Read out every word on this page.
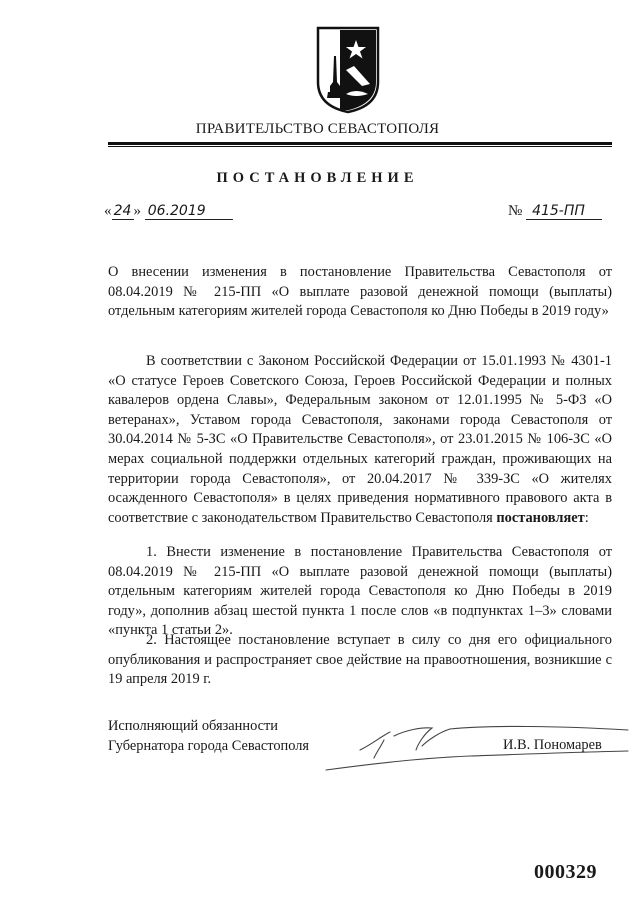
ПРАВИТЕЛЬСТВО СЕВАСТОПОЛЯ
ПОСТАНОВЛЕНИЕ
« 24 » 06.2019	№ 415-ПП
О внесении изменения в постановление Правительства Севастополя от 08.04.2019 № 215-ПП «О выплате разовой денежной помощи (выплаты) отдельным категориям жителей города Севастополя ко Дню Победы в 2019 году»
В соответствии с Законом Российской Федерации от 15.01.1993 № 4301-1 «О статусе Героев Советского Союза, Героев Российской Федерации и полных кавалеров ордена Славы», Федеральным законом от 12.01.1995 № 5-ФЗ «О ветеранах», Уставом города Севастополя, законами города Севастополя от 30.04.2014 № 5-ЗС «О Правительстве Севастополя», от 23.01.2015 № 106-ЗС «О мерах социальной поддержки отдельных категорий граждан, проживающих на территории города Севастополя», от 20.04.2017 № 339-ЗС «О жителях осажденного Севастополя» в целях приведения нормативного правового акта в соответствие с законодательством Правительство Севастополя постановляет:
1. Внести изменение в постановление Правительства Севастополя от 08.04.2019 № 215-ПП «О выплате разовой денежной помощи (выплаты) отдельным категориям жителей города Севастополя ко Дню Победы в 2019 году», дополнив абзац шестой пункта 1 после слов «в подпунктах 1–3» словами «пункта 1 статьи 2».
2. Настоящее постановление вступает в силу со дня его официального опубликования и распространяет свое действие на правоотношения, возникшие с 19 апреля 2019 г.
Исполняющий обязанности
Губернатора города Севастополя	И.В. Пономарев
000329
